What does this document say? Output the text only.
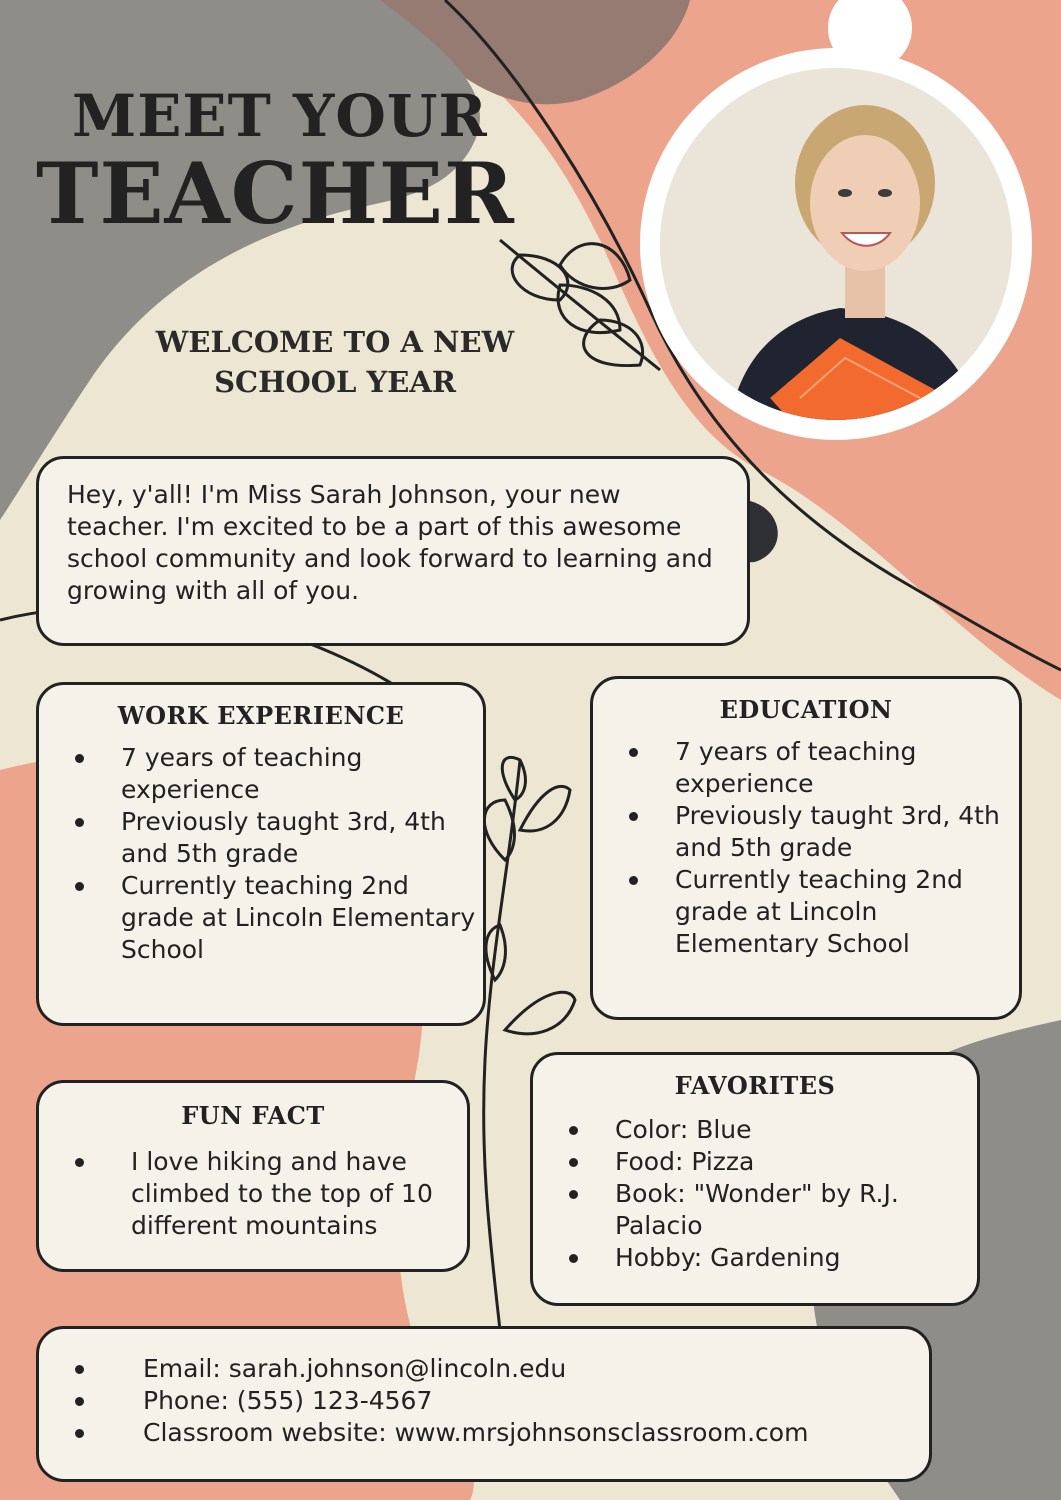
MEET YOUR
TEACHER
WELCOME TO A NEW SCHOOL YEAR

Hey, y'all! I'm Miss Sarah Johnson, your new teacher. I'm excited to be a part of this awesome school community and look forward to learning and growing with all of you.

WORK EXPERIENCE
7 years of teaching experience
Previously taught 3rd, 4th and 5th grade
Currently teaching 2nd grade at Lincoln Elementary School
EDUCATION
7 years of teaching experience
Previously taught 3rd, 4th and 5th grade
Currently teaching 2nd grade at Lincoln Elementary School
FUN FACT
I love hiking and have climbed to the top of 10 different mountains
FAVORITES
Color: Blue
Food: Pizza
Book: "Wonder" by R.J. Palacio
Hobby: Gardening
Email: sarah.johnson@lincoln.edu
Phone: (555) 123-4567
Classroom website: www.mrsjohnsonsclassroom.com
